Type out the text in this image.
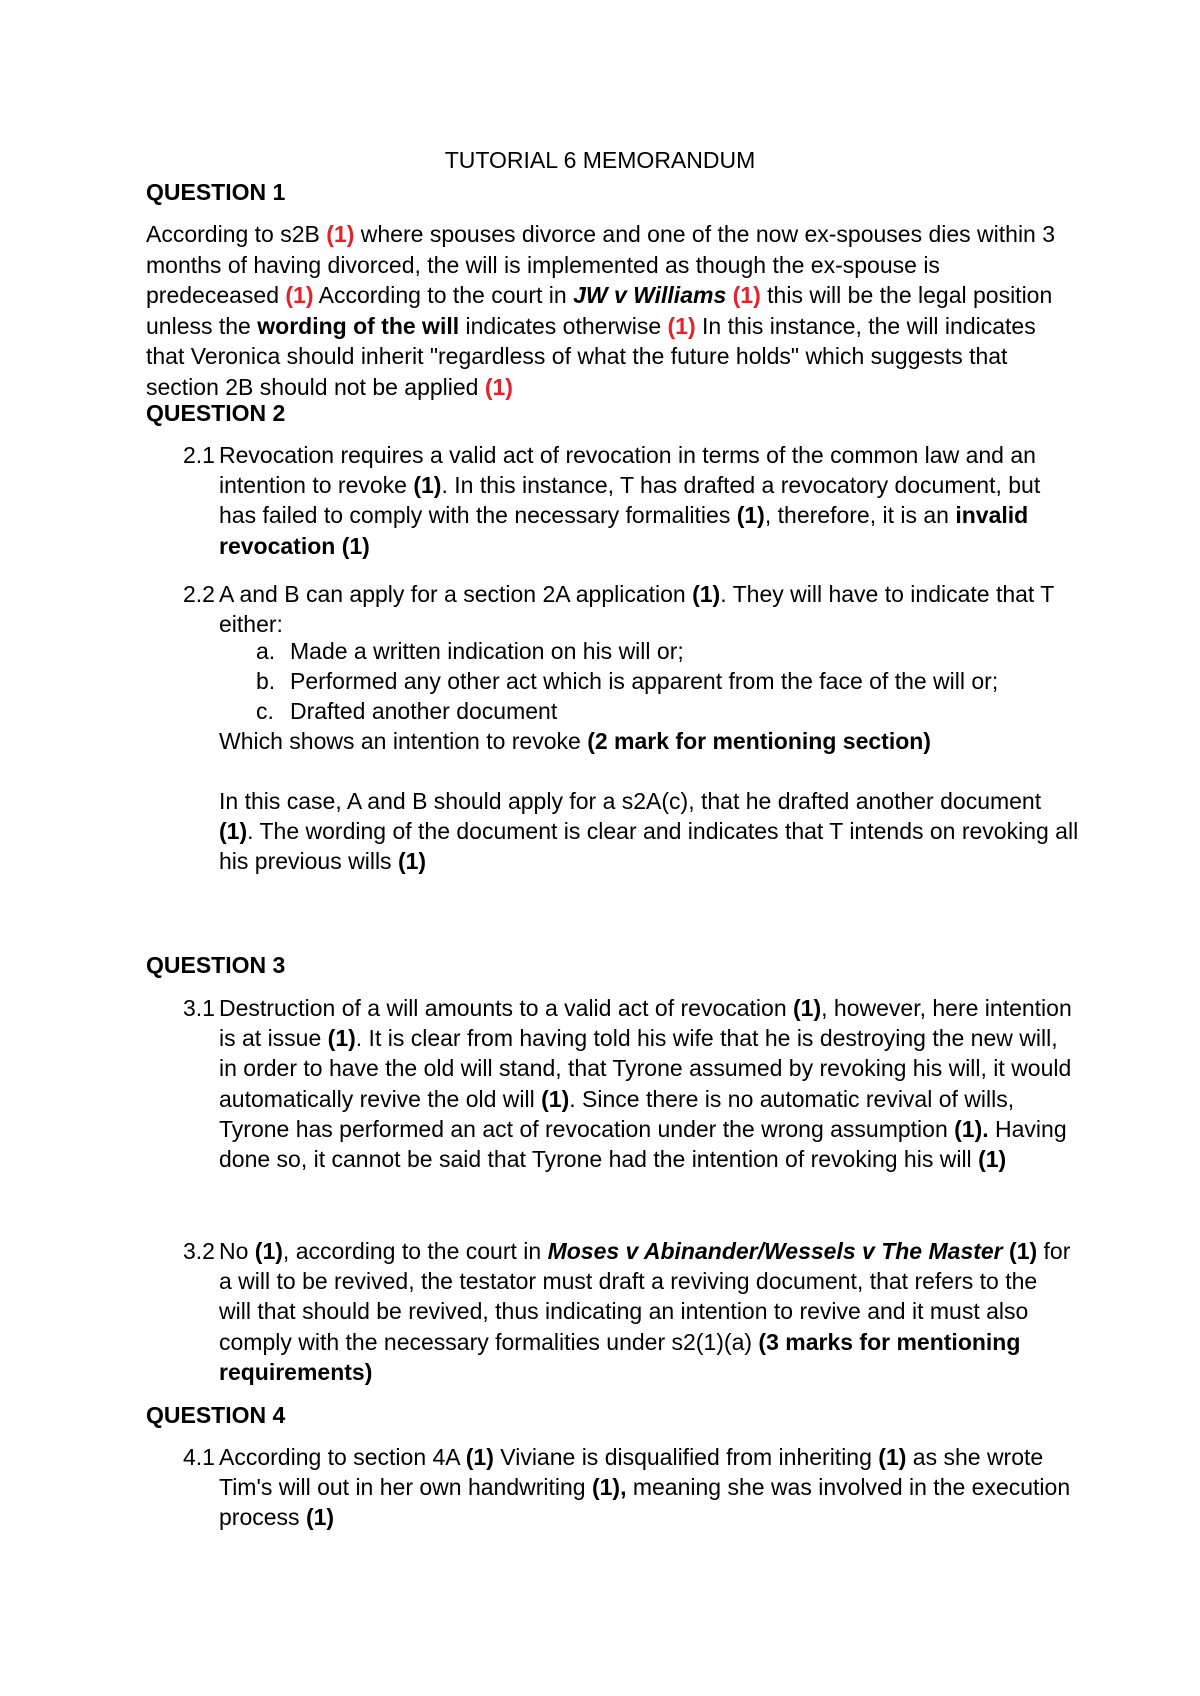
TUTORIAL 6 MEMORANDUM
QUESTION 1
According to s2B (1) where spouses divorce and one of the now ex-spouses dies within 3 months of having divorced, the will is implemented as though the ex-spouse is predeceased (1) According to the court in JW v Williams (1) this will be the legal position unless the wording of the will indicates otherwise (1) In this instance, the will indicates that Veronica should inherit "regardless of what the future holds" which suggests that section 2B should not be applied (1)
QUESTION 2
2.1 Revocation requires a valid act of revocation in terms of the common law and an intention to revoke (1). In this instance, T has drafted a revocatory document, but has failed to comply with the necessary formalities (1), therefore, it is an invalid revocation (1)
2.2 A and B can apply for a section 2A application (1). They will have to indicate that T either:
a. Made a written indication on his will or;
b. Performed any other act which is apparent from the face of the will or;
c. Drafted another document
Which shows an intention to revoke (2 mark for mentioning section)
In this case, A and B should apply for a s2A(c), that he drafted another document (1). The wording of the document is clear and indicates that T intends on revoking all his previous wills (1)
QUESTION 3
3.1 Destruction of a will amounts to a valid act of revocation (1), however, here intention is at issue (1). It is clear from having told his wife that he is destroying the new will, in order to have the old will stand, that Tyrone assumed by revoking his will, it would automatically revive the old will (1). Since there is no automatic revival of wills, Tyrone has performed an act of revocation under the wrong assumption (1). Having done so, it cannot be said that Tyrone had the intention of revoking his will (1)
3.2 No (1), according to the court in Moses v Abinander/Wessels v The Master (1) for a will to be revived, the testator must draft a reviving document, that refers to the will that should be revived, thus indicating an intention to revive and it must also comply with the necessary formalities under s2(1)(a) (3 marks for mentioning requirements)
QUESTION 4
4.1 According to section 4A (1) Viviane is disqualified from inheriting (1) as she wrote Tim's will out in her own handwriting (1), meaning she was involved in the execution process (1)
